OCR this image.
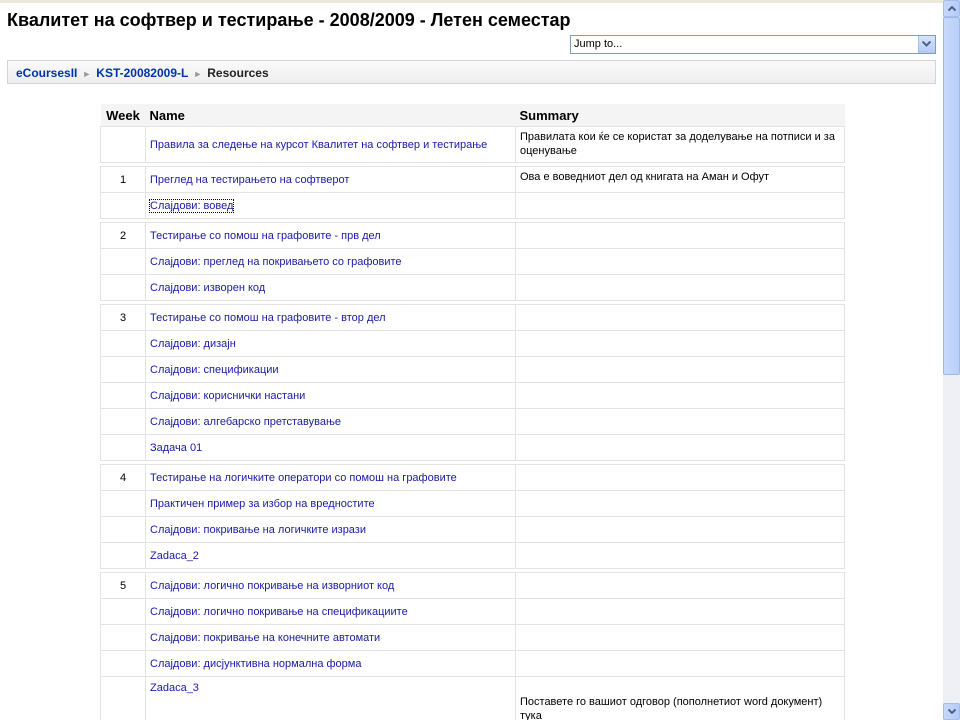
Квалитет на софтвер и тестирање - 2008/2009 - Летен семестар
Jump to...
eCoursesII ► KST-20082009-L ► Resources
Week	Name	Summary
	Правила за следење на курсот Квалитет на софтвер и тестирање	Правилата кои ќе се користат за доделување на потписи и за оценување

1	Преглед на тестирањето на софтверот	Ова е воведниот дел од книгата на Аман и Офут
	Слајдови: вовед	

2	Тестирање со помош на графовите - прв дел	
	Слајдови: преглед на покривањето со графовите	
	Слајдови: изворен код	

3	Тестирање со помош на графовите - втор дел	
	Слајдови: дизајн	
	Слајдови: спецификации	
	Слајдови: кориснички настани	
	Слајдови: алгебарско претставување	
	Задача 01	

4	Тестирање на логичките оператори со помош на графовите	
	Практичен пример за избор на вредностите	
	Слајдови: покривање на логичките изрази	
	Zadaca_2	

5	Слајдови: логично покривање на изворниот код	
	Слајдови: логично покривање на спецификациите	
	Слајдови: покривање на конечните автомати	
	Слајдови: дисјунктивна нормална форма	
	Zadaca_3	Поставете го вашиот одговор (пополнетиот word документ) тука
